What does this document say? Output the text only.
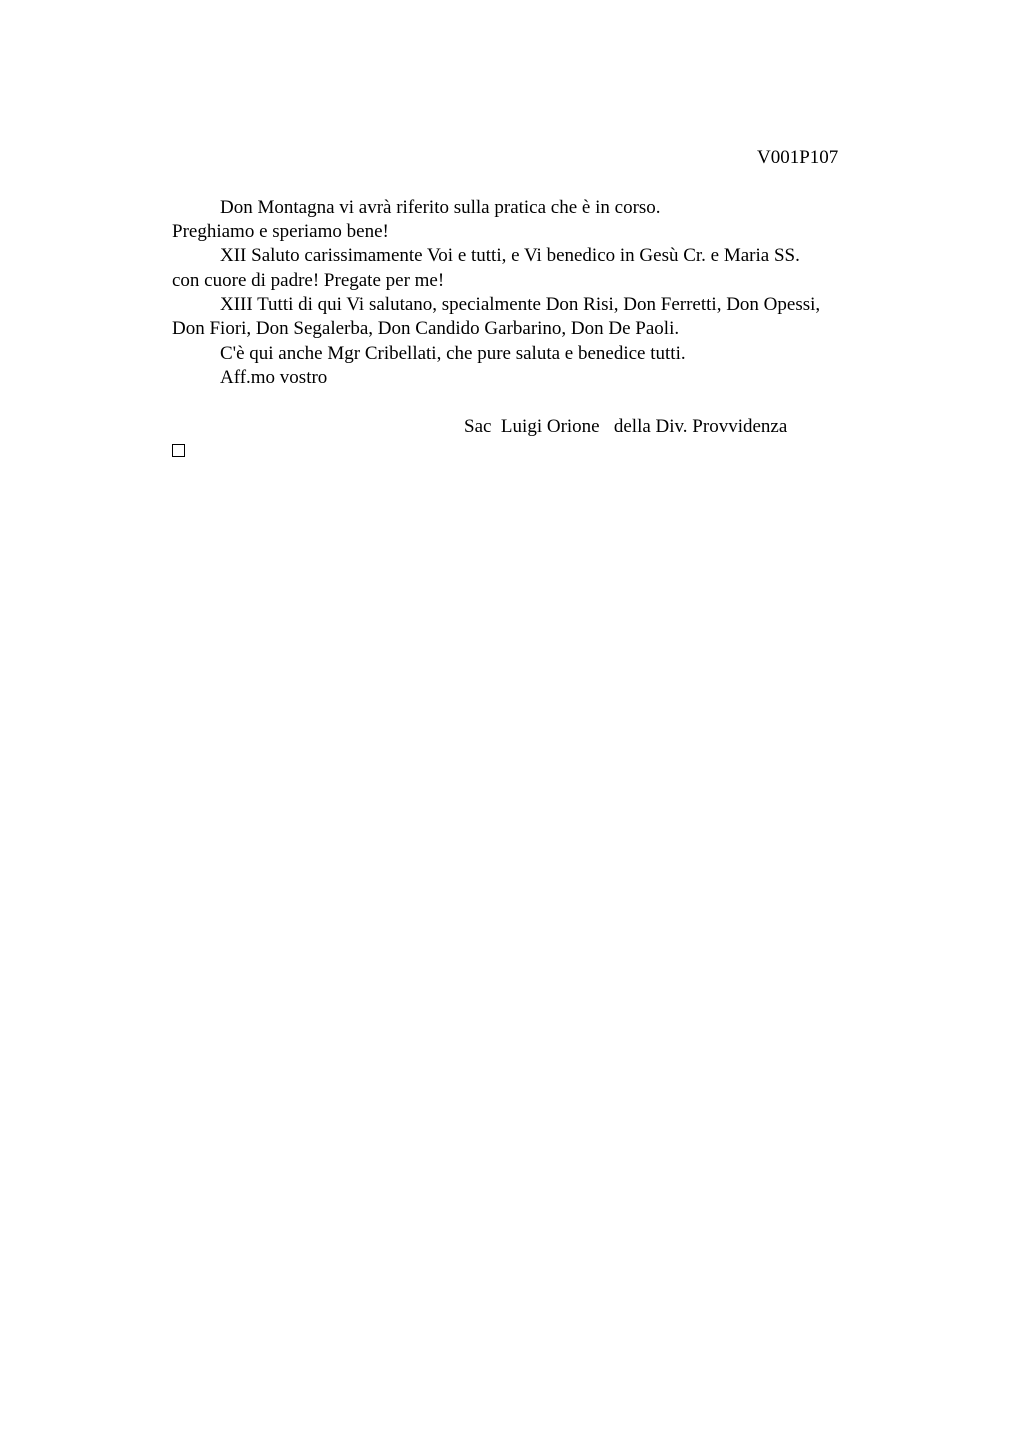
V001P107
Don Montagna vi avrà riferito sulla pratica che è in corso.
Preghiamo e speriamo bene!
XII Saluto carissimamente Voi e tutti, e Vi benedico in Gesù Cr. e Maria SS.
con cuore di padre! Pregate per me!
XIII Tutti di qui Vi salutano, specialmente Don Risi, Don Ferretti, Don Opessi,
Don Fiori, Don Segalerba, Don Candido Garbarino, Don De Paoli.
C'è qui anche Mgr Cribellati, che pure saluta e benedice tutti.
Aff.mo vostro
Sac  Luigi Orione   della Div. Provvidenza
